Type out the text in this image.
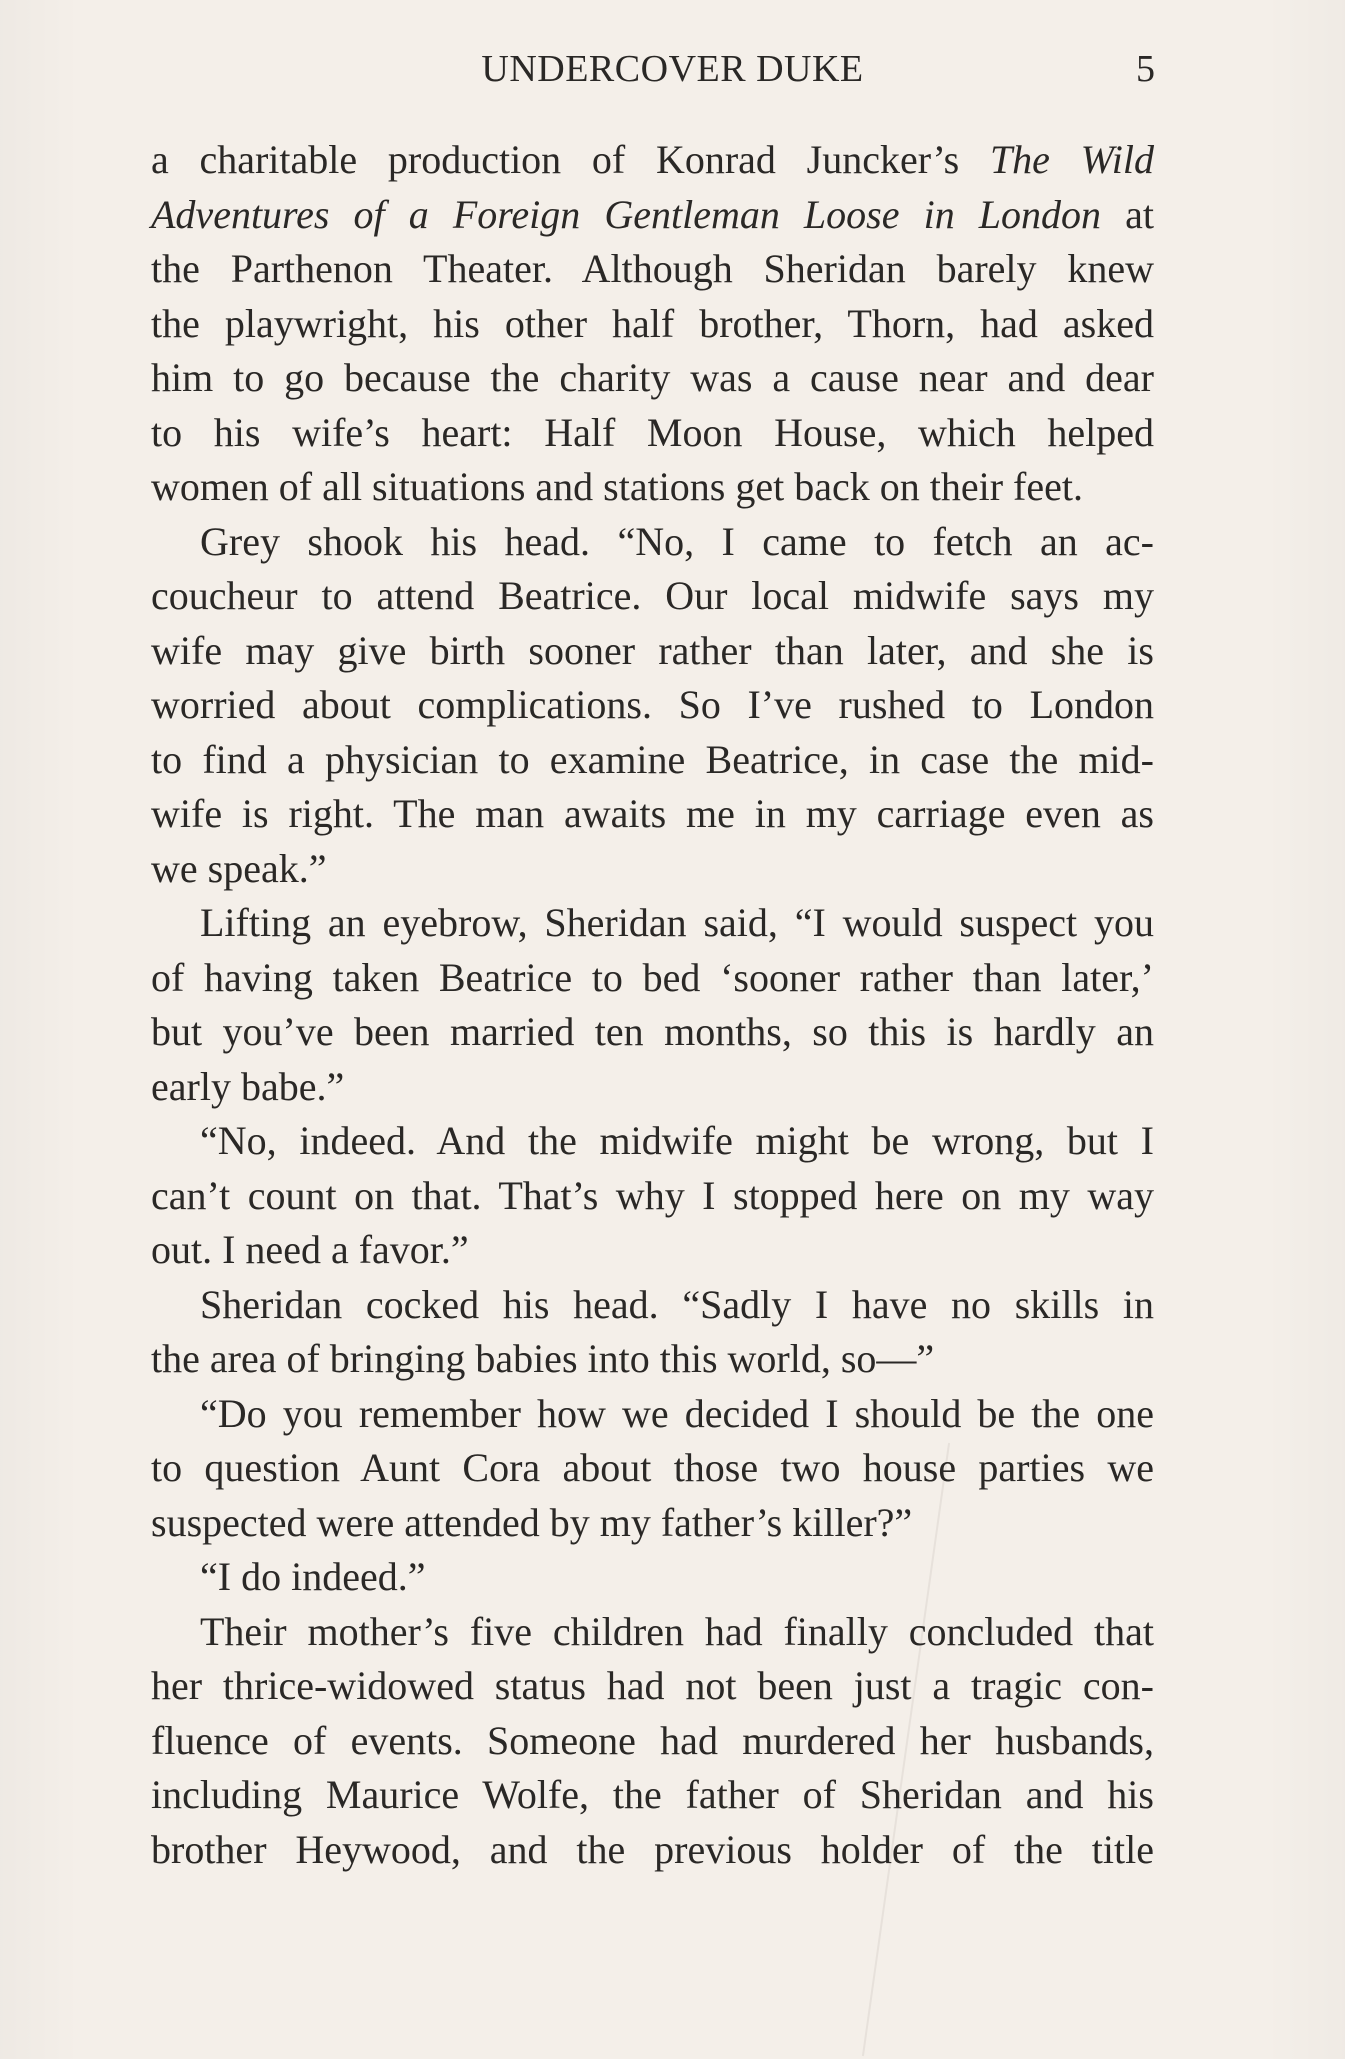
UNDERCOVER DUKE	5
a charitable production of Konrad Juncker’s The Wild
Adventures of a Foreign Gentleman Loose in London at
the Parthenon Theater. Although Sheridan barely knew
the playwright, his other half brother, Thorn, had asked
him to go because the charity was a cause near and dear
to his wife’s heart: Half Moon House, which helped
women of all situations and stations get back on their feet.
Grey shook his head. “No, I came to fetch an ac-
coucheur to attend Beatrice. Our local midwife says my
wife may give birth sooner rather than later, and she is
worried about complications. So I’ve rushed to London
to find a physician to examine Beatrice, in case the mid-
wife is right. The man awaits me in my carriage even as
we speak.”
Lifting an eyebrow, Sheridan said, “I would suspect you
of having taken Beatrice to bed ‘sooner rather than later,’
but you’ve been married ten months, so this is hardly an
early babe.”
“No, indeed. And the midwife might be wrong, but I
can’t count on that. That’s why I stopped here on my way
out. I need a favor.”
Sheridan cocked his head. “Sadly I have no skills in
the area of bringing babies into this world, so—”
“Do you remember how we decided I should be the one
to question Aunt Cora about those two house parties we
suspected were attended by my father’s killer?”
“I do indeed.”
Their mother’s five children had finally concluded that
her thrice-widowed status had not been just a tragic con-
fluence of events. Someone had murdered her husbands,
including Maurice Wolfe, the father of Sheridan and his
brother Heywood, and the previous holder of the title
